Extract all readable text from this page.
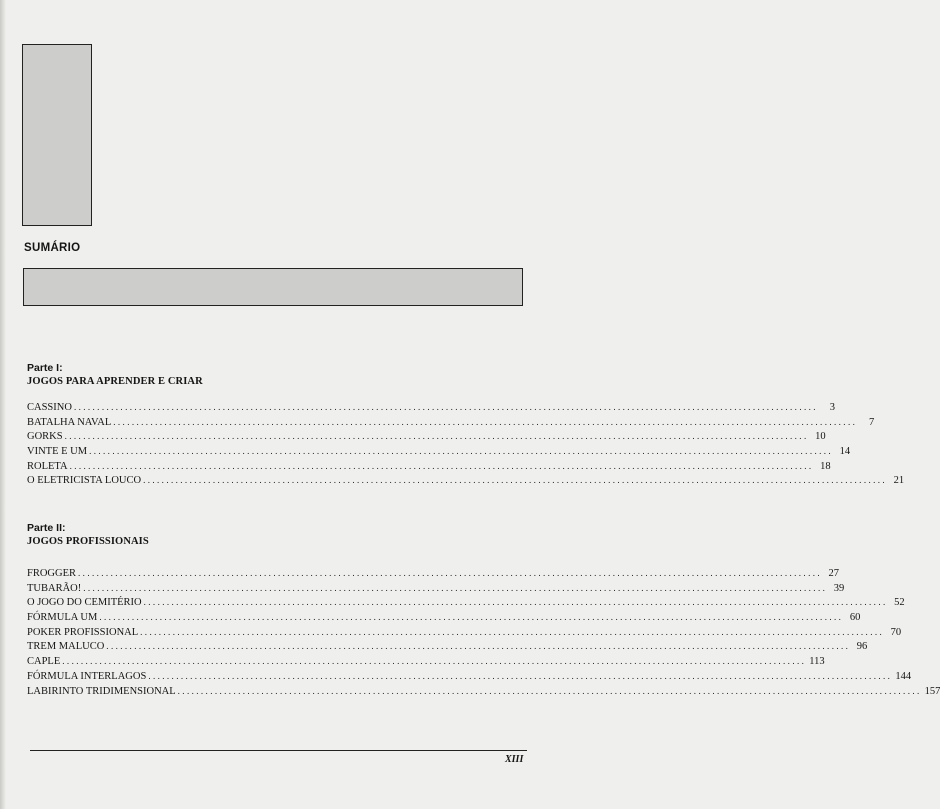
SUMÁRIO
Parte I:
JOGOS PARA APRENDER E CRIAR
CASSINO ................................................................................................................................................................	3
BATALHA NAVAL ................................................................................................................................................................	7
GORKS ................................................................................................................................................................ 10
VINTE E UM ................................................................................................................................................................ 14
ROLETA ................................................................................................................................................................ 18
O ELETRICISTA LOUCO ................................................................................................................................................................ 21
Parte II:
JOGOS PROFISSIONAIS
FROGGER ................................................................................................................................................................ 27
TUBARÃO! ................................................................................................................................................................ 39
O JOGO DO CEMITÉRIO ................................................................................................................................................................ 52
FÓRMULA UM ................................................................................................................................................................ 60
POKER PROFISSIONAL ................................................................................................................................................................ 70
TREM MALUCO ................................................................................................................................................................ 96
CAPLE ................................................................................................................................................................ 113
FÓRMULA INTERLAGOS ................................................................................................................................................................ 144
LABIRINTO TRIDIMENSIONAL ................................................................................................................................................................ 157
XIII
